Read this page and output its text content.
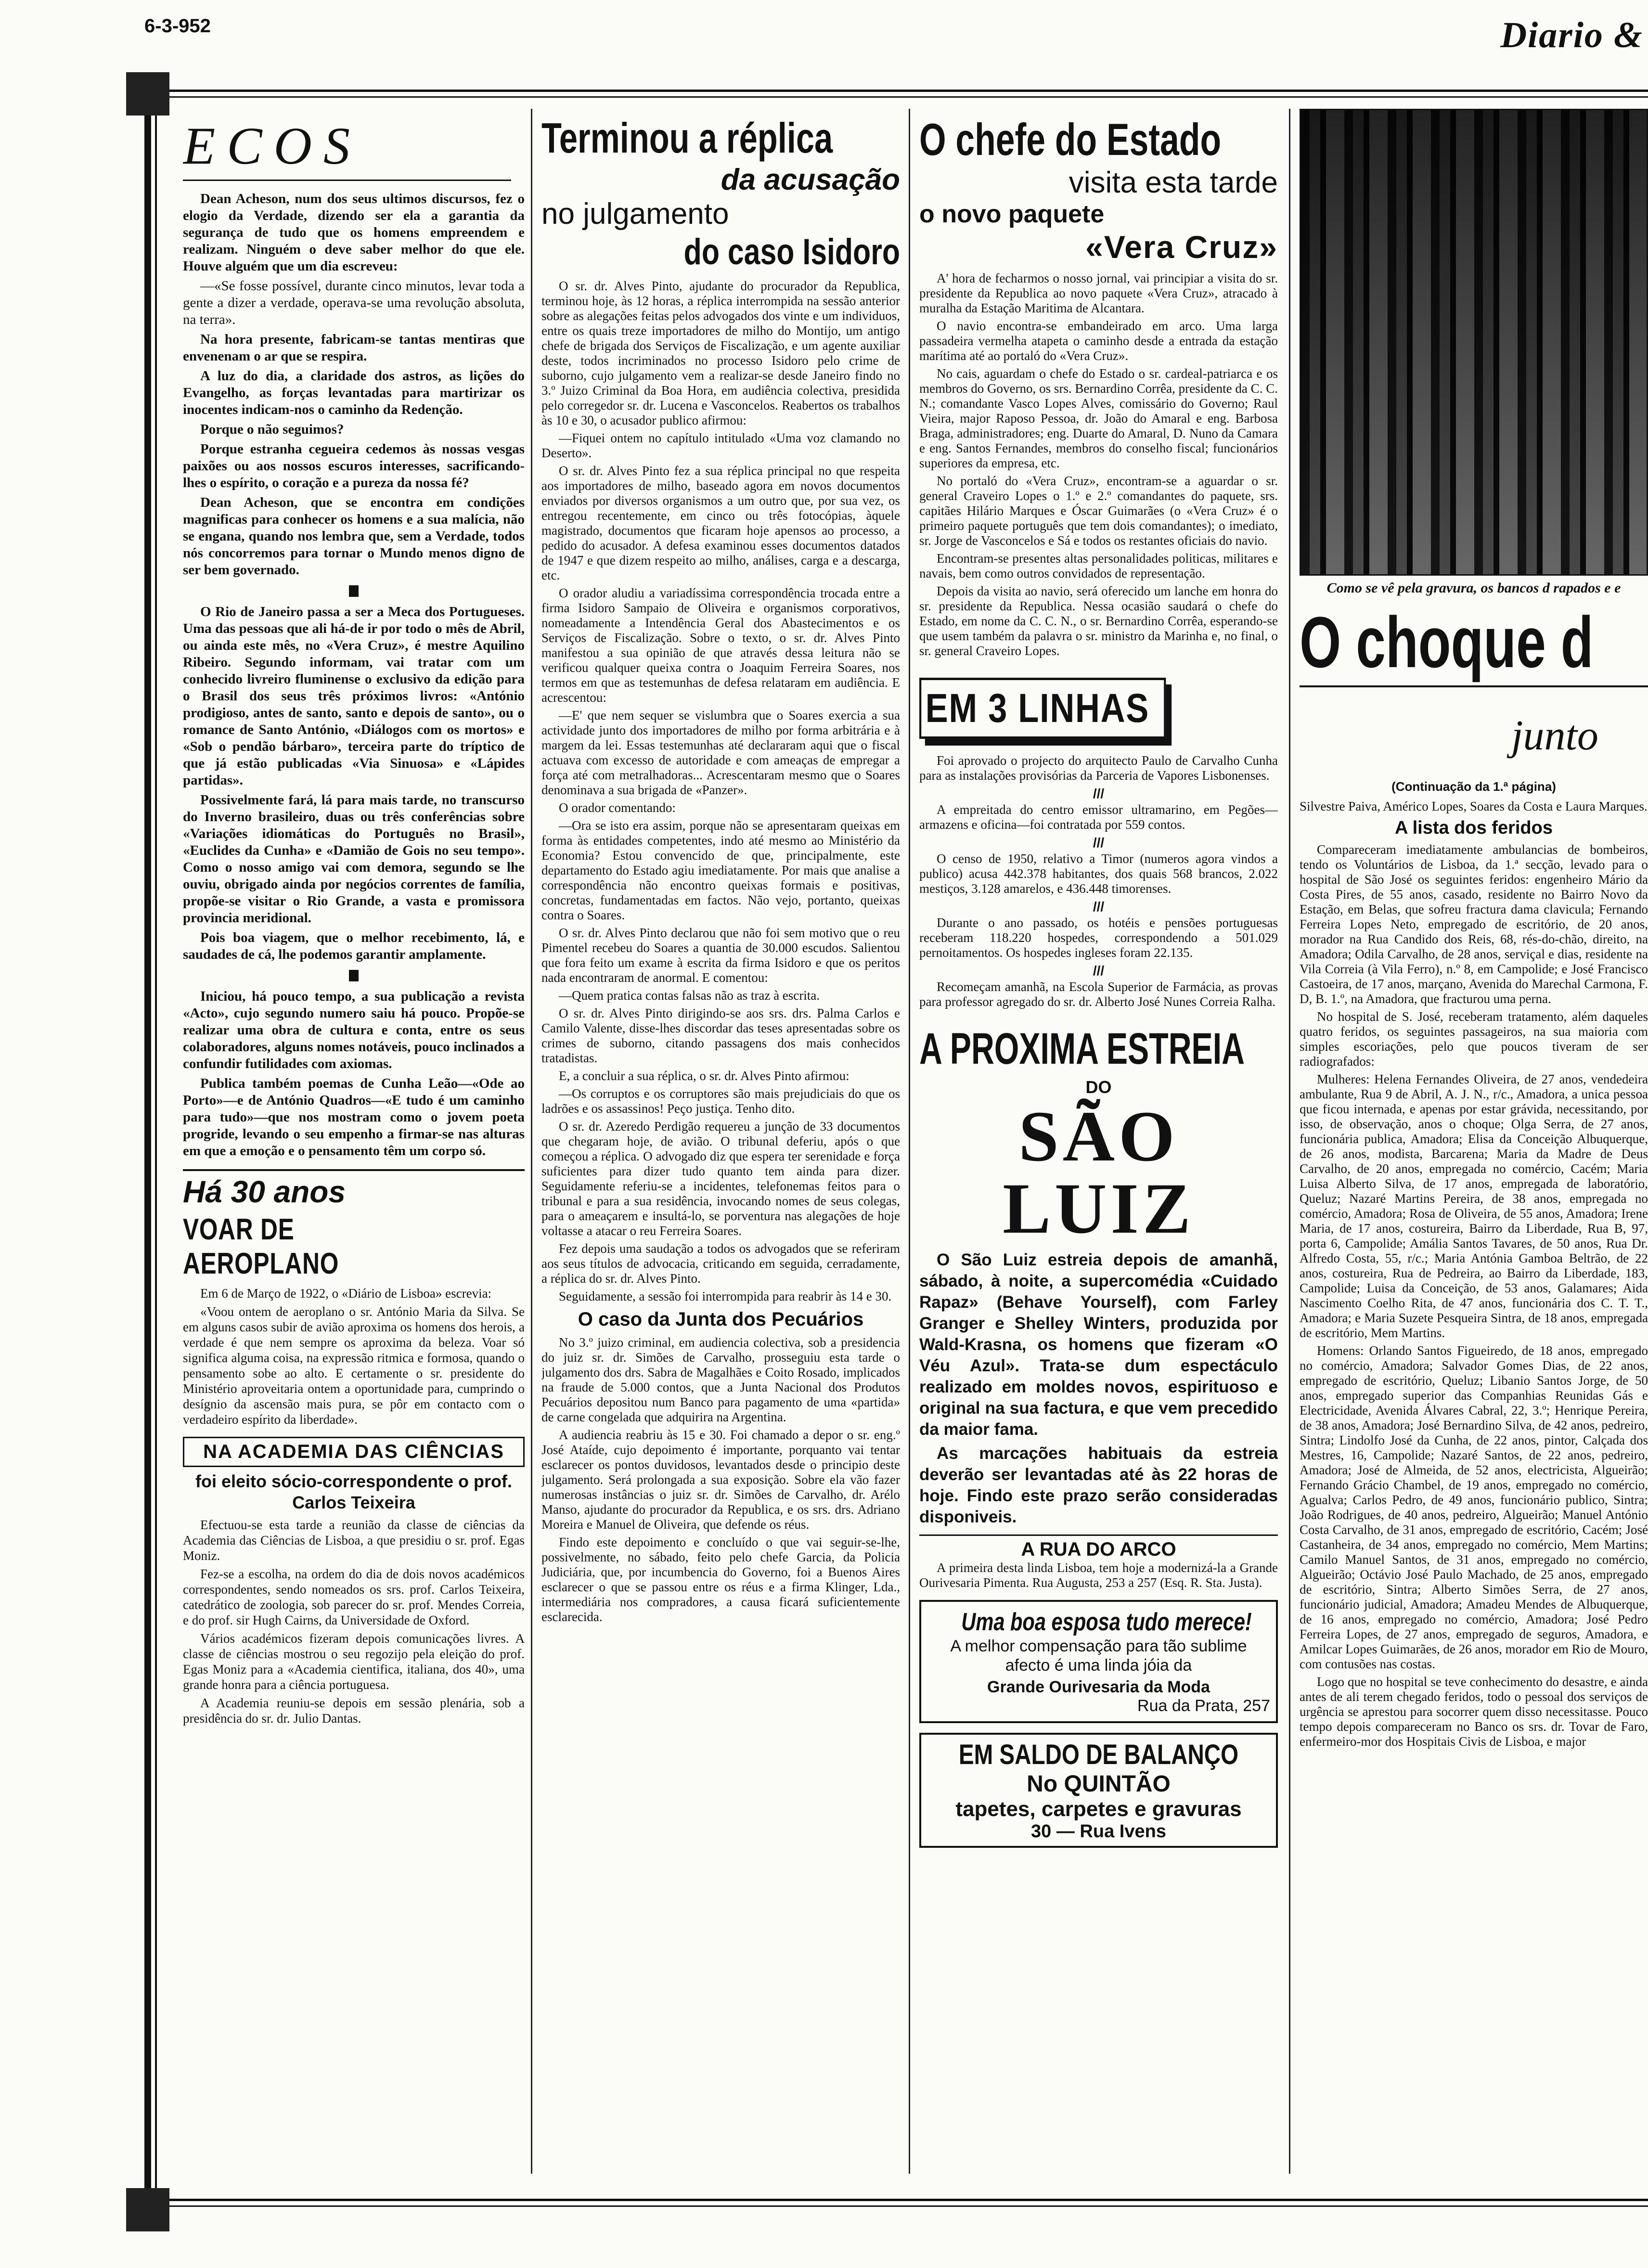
6-3-952	Diario &
ECOS

Dean Acheson, num dos seus ultimos discursos, fez o elogio da Verdade, dizendo ser ela a garantia da segurança de tudo que os homens empreendem e realizam. Ninguém o deve saber melhor do que ele. Houve alguém que um dia escreveu:

—«Se fosse possível, durante cinco minutos, levar toda a gente a dizer a verdade, operava-se uma revolução absoluta, na terra».

Na hora presente, fabricam-se tantas mentiras que envenenam o ar que se respira.

A luz do dia, a claridade dos astros, as lições do Evangelho, as forças levantadas para martirizar os inocentes indicam-nos o caminho da Redenção.

Porque o não seguimos?

Porque estranha cegueira cedemos às nossas vesgas paixões ou aos nossos escuros interesses, sacrificando-lhes o espírito, o coração e a pureza da nossa fé?

Dean Acheson, que se encontra em condições magnificas para conhecer os homens e a sua malícia, não se engana, quando nos lembra que, sem a Verdade, todos nós concorremos para tornar o Mundo menos digno de ser bem governado.

O Rio de Janeiro passa a ser a Meca dos Portugueses. Uma das pessoas que ali há-de ir por todo o mês de Abril, ou ainda este mês, no «Vera Cruz», é mestre Aquilino Ribeiro. Segundo informam, vai tratar com um conhecido livreiro fluminense o exclusivo da edição para o Brasil dos seus três próximos livros: «António prodigioso, antes de santo, santo e depois de santo», ou o romance de Santo António, «Diálogos com os mortos» e «Sob o pendão bárbaro», terceira parte do tríptico de que já estão publicadas «Via Sinuosa» e «Lápides partidas».

Possivelmente fará, lá para mais tarde, no transcurso do Inverno brasileiro, duas ou três conferências sobre «Variações idiomáticas do Português no Brasil», «Euclides da Cunha» e «Damião de Gois no seu tempo». Como o nosso amigo vai com demora, segundo se lhe ouviu, obrigado ainda por negócios correntes de família, propõe-se visitar o Rio Grande, a vasta e promissora provincia meridional.

Pois boa viagem, que o melhor recebimento, lá, e saudades de cá, lhe podemos garantir amplamente.

Iniciou, há pouco tempo, a sua publicação a revista «Acto», cujo segundo numero saiu há pouco. Propõe-se realizar uma obra de cultura e conta, entre os seus colaboradores, alguns nomes notáveis, pouco inclinados a confundir futilidades com axiomas.

Publica também poemas de Cunha Leão—«Ode ao Porto»—e de António Quadros—«E tudo é um caminho para tudo»—que nos mostram como o jovem poeta progride, levando o seu empenho a firmar-se nas alturas em que a emoção e o pensamento têm um corpo só.

Há 30 anos
VOAR DE AEROPLANO

Em 6 de Março de 1922, o «Diário de Lisboa» escrevia:

«Voou ontem de aeroplano o sr. António Maria da Silva. Se em alguns casos subir de avião aproxima os homens dos herois, a verdade é que nem sempre os aproxima da beleza. Voar só significa alguma coisa, na expressão ritmica e formosa, quando o pensamento sobe ao alto. E certamente o sr. presidente do Ministério aproveitaria ontem a oportunidade para, cumprindo o desígnio da ascensão mais pura, se pôr em contacto com o verdadeiro espírito da liberdade».

NA ACADEMIA DAS CIÊNCIAS
foi eleito sócio-correspondente o prof. Carlos Teixeira

Efectuou-se esta tarde a reunião da classe de ciências da Academia das Ciências de Lisboa, a que presidiu o sr. prof. Egas Moniz.

Fez-se a escolha, na ordem do dia de dois novos académicos correspondentes, sendo nomeados os srs. prof. Carlos Teixeira, catedrático de zoologia, sob parecer do sr. prof. Mendes Correia, e do prof. sir Hugh Cairns, da Universidade de Oxford.

Vários académicos fizeram depois comunicações livres. A classe de ciências mostrou o seu regozijo pela eleição do prof. Egas Moniz para a «Academia cientifica, italiana, dos 40», uma grande honra para a ciência portuguesa.

A Academia reuniu-se depois em sessão plenária, sob a presidência do sr. dr. Julio Dantas.

Terminou a réplica
da acusação
no julgamento
do caso Isidoro

O sr. dr. Alves Pinto, ajudante do procurador da Republica, terminou hoje, às 12 horas, a réplica interrompida na sessão anterior sobre as alegações feitas pelos advogados dos vinte e um individuos, entre os quais treze importadores de milho do Montijo, um antigo chefe de brigada dos Serviços de Fiscalização, e um agente auxiliar deste, todos incriminados no processo Isidoro pelo crime de suborno, cujo julgamento vem a realizar-se desde Janeiro findo no 3.º Juizo Criminal da Boa Hora, em audiência colectiva, presidida pelo corregedor sr. dr. Lucena e Vasconcelos. Reabertos os trabalhos às 10 e 30, o acusador publico afirmou:

—Fiquei ontem no capítulo intitulado «Uma voz clamando no Deserto».

O sr. dr. Alves Pinto fez a sua réplica principal no que respeita aos importadores de milho, baseado agora em novos documentos enviados por diversos organismos a um outro que, por sua vez, os entregou recentemente, em cinco ou três fotocópias, àquele magistrado, documentos que ficaram hoje apensos ao processo, a pedido do acusador. A defesa examinou esses documentos datados de 1947 e que dizem respeito ao milho, análises, carga e a descarga, etc.

O orador aludiu a variadíssima correspondência trocada entre a firma Isidoro Sampaio de Oliveira e organismos corporativos, nomeadamente a Intendência Geral dos Abastecimentos e os Serviços de Fiscalização. Sobre o texto, o sr. dr. Alves Pinto manifestou a sua opinião de que através dessa leitura não se verificou qualquer queixa contra o Joaquim Ferreira Soares, nos termos em que as testemunhas de defesa relataram em audiência. E acrescentou:

—E' que nem sequer se vislumbra que o Soares exercia a sua actividade junto dos importadores de milho por forma arbitrária e à margem da lei. Essas testemunhas até declararam aqui que o fiscal actuava com excesso de autoridade e com ameaças de empregar a força até com metralhadoras... Acrescentaram mesmo que o Soares denominava a sua brigada de «Panzer».

O orador comentando:

—Ora se isto era assim, porque não se apresentaram queixas em forma às entidades competentes, indo até mesmo ao Ministério da Economia? Estou convencido de que, principalmente, este departamento do Estado agiu imediatamente. Por mais que analise a correspondência não encontro queixas formais e positivas, concretas, fundamentadas em factos. Não vejo, portanto, queixas contra o Soares.

O sr. dr. Alves Pinto declarou que não foi sem motivo que o reu Pimentel recebeu do Soares a quantia de 30.000 escudos. Salientou que fora feito um exame à escrita da firma Isidoro e que os peritos nada encontraram de anormal. E comentou:

—Quem pratica contas falsas não as traz à escrita.

O sr. dr. Alves Pinto dirigindo-se aos srs. drs. Palma Carlos e Camilo Valente, disse-lhes discordar das teses apresentadas sobre os crimes de suborno, citando passagens dos mais conhecidos tratadistas.

E, a concluir a sua réplica, o sr. dr. Alves Pinto afirmou:

—Os corruptos e os corruptores são mais prejudiciais do que os ladrões e os assassinos! Peço justiça. Tenho dito.

O sr. dr. Azeredo Perdigão requereu a junção de 33 documentos que chegaram hoje, de avião. O tribunal deferiu, após o que começou a réplica. O advogado diz que espera ter serenidade e força suficientes para dizer tudo quanto tem ainda para dizer. Seguidamente referiu-se a incidentes, telefonemas feitos para o tribunal e para a sua residência, invocando nomes de seus colegas, para o ameaçarem e insultá-lo, se porventura nas alegações de hoje voltasse a atacar o reu Ferreira Soares.

Fez depois uma saudação a todos os advogados que se referiram aos seus títulos de advocacia, criticando em seguida, cerradamente, a réplica do sr. dr. Alves Pinto.

Seguidamente, a sessão foi interrompida para reabrir às 14 e 30.

O caso da Junta dos Pecuários

No 3.º juizo criminal, em audiencia colectiva, sob a presidencia do juiz sr. dr. Simões de Carvalho, prosseguiu esta tarde o julgamento dos drs. Sabra de Magalhães e Coito Rosado, implicados na fraude de 5.000 contos, que a Junta Nacional dos Produtos Pecuários depositou num Banco para pagamento de uma «partida» de carne congelada que adquirira na Argentina.

A audiencia reabriu às 15 e 30. Foi chamado a depor o sr. eng.º José Ataíde, cujo depoimento é importante, porquanto vai tentar esclarecer os pontos duvidosos, levantados desde o principio deste julgamento. Será prolongada a sua exposição. Sobre ela vão fazer numerosas instâncias o juiz sr. dr. Simões de Carvalho, dr. Arélo Manso, ajudante do procurador da Republica, e os srs. drs. Adriano Moreira e Manuel de Oliveira, que defende os réus.

Findo este depoimento e concluído o que vai seguir-se-lhe, possivelmente, no sábado, feito pelo chefe Garcia, da Policia Judiciária, que, por incumbencia do Governo, foi a Buenos Aires esclarecer o que se passou entre os réus e a firma Klinger, Lda., intermediária nos compradores, a causa ficará suficientemente esclarecida.

O chefe do Estado
visita esta tarde
o novo paquete
«Vera Cruz»

A' hora de fecharmos o nosso jornal, vai principiar a visita do sr. presidente da Republica ao novo paquete «Vera Cruz», atracado à muralha da Estação Maritima de Alcantara.

O navio encontra-se embandeirado em arco. Uma larga passadeira vermelha atapeta o caminho desde a entrada da estação marítima até ao portaló do «Vera Cruz».

No cais, aguardam o chefe do Estado o sr. cardeal-patriarca e os membros do Governo, os srs. Bernardino Corrêa, presidente da C. C. N.; comandante Vasco Lopes Alves, comissário do Governo; Raul Vieira, major Raposo Pessoa, dr. João do Amaral e eng. Barbosa Braga, administradores; eng. Duarte do Amaral, D. Nuno da Camara e eng. Santos Fernandes, membros do conselho fiscal; funcionários superiores da empresa, etc.

No portaló do «Vera Cruz», encontram-se a aguardar o sr. general Craveiro Lopes o 1.º e 2.º comandantes do paquete, srs. capitães Hilário Marques e Óscar Guimarães (o «Vera Cruz» é o primeiro paquete português que tem dois comandantes); o imediato, sr. Jorge de Vasconcelos e Sá e todos os restantes oficiais do navio.

Encontram-se presentes altas personalidades politicas, militares e navais, bem como outros convidados de representação.

Depois da visita ao navio, será oferecido um lanche em honra do sr. presidente da Republica. Nessa ocasião saudará o chefe do Estado, em nome da C. C. N., o sr. Bernardino Corrêa, esperando-se que usem também da palavra o sr. ministro da Marinha e, no final, o sr. general Craveiro Lopes.

EM 3 LINHAS

Foi aprovado o projecto do arquitecto Paulo de Carvalho Cunha para as instalações provisórias da Parceria de Vapores Lisbonenses.

///

A empreitada do centro emissor ultramarino, em Pegões—armazens e oficina—foi contratada por 559 contos.

///

O censo de 1950, relativo a Timor (numeros agora vindos a publico) acusa 442.378 habitantes, dos quais 568 brancos, 2.022 mestiços, 3.128 amarelos, e 436.448 timorenses.

///

Durante o ano passado, os hotéis e pensões portuguesas receberam 118.220 hospedes, correspondendo a 501.029 pernoitamentos. Os hospedes ingleses foram 22.135.

///

Recomeçam amanhã, na Escola Superior de Farmácia, as provas para professor agregado do sr. dr. Alberto José Nunes Correia Ralha.

A PROXIMA ESTREIA
DO
SÃO LUIZ

O São Luiz estreia depois de amanhã, sábado, à noite, a supercomédia «Cuidado Rapaz» (Behave Yourself), com Farley Granger e Shelley Winters, produzida por Wald-Krasna, os homens que fizeram «O Véu Azul». Trata-se dum espectáculo realizado em moldes novos, espirituoso e original na sua factura, e que vem precedido da maior fama.

As marcações habituais da estreia deverão ser levantadas até às 22 horas de hoje. Findo este prazo serão consideradas disponiveis.

A RUA DO ARCO

A primeira desta linda Lisboa, tem hoje a modernizá-la a Grande Ourivesaria Pimenta. Rua Augusta, 253 a 257 (Esq. R. Sta. Justa).

Uma boa esposa tudo merece!
A melhor compensação para tão sublime afecto é uma linda jóia da
Grande Ourivesaria da Moda
Rua da Prata, 257
EM SALDO DE BALANÇO
No QUINTÃO
tapetes, carpetes e gravuras
30 — Rua Ivens
Como se vê pela gravura, os bancos d rapados e e
O choque d
junto
(Continuação da 1.ª página)

Silvestre Paiva, Américo Lopes, Soares da Costa e Laura Marques.

A lista dos feridos

Compareceram imediatamente ambulancias de bombeiros, tendo os Voluntários de Lisboa, da 1.ª secção, levado para o hospital de São José os seguintes feridos: engenheiro Mário da Costa Pires, de 55 anos, casado, residente no Bairro Novo da Estação, em Belas, que sofreu fractura dama clavicula; Fernando Ferreira Lopes Neto, empregado de escritório, de 20 anos, morador na Rua Candido dos Reis, 68, rés-do-chão, direito, na Amadora; Odila Carvalho, de 28 anos, serviçal e dias, residente na Vila Correia (à Vila Ferro), n.º 8, em Campolide; e José Francisco Castoeira, de 17 anos, marçano, Avenida do Marechal Carmona, F. D, B. 1.º, na Amadora, que fracturou uma perna.

No hospital de S. José, receberam tratamento, além daqueles quatro feridos, os seguintes passageiros, na sua maioria com simples escoriações, pelo que poucos tiveram de ser radiografados:

Mulheres: Helena Fernandes Oliveira, de 27 anos, vendedeira ambulante, Rua 9 de Abril, A. J. N., r/c., Amadora, a unica pessoa que ficou internada, e apenas por estar grávida, necessitando, por isso, de observação, anos o choque; Olga Serra, de 27 anos, funcionária publica, Amadora; Elisa da Conceição Albuquerque, de 26 anos, modista, Barcarena; Maria da Madre de Deus Carvalho, de 20 anos, empregada no comércio, Cacém; Maria Luisa Alberto Silva, de 17 anos, empregada de laboratório, Queluz; Nazaré Martins Pereira, de 38 anos, empregada no comércio, Amadora; Rosa de Oliveira, de 55 anos, Amadora; Irene Maria, de 17 anos, costureira, Bairro da Liberdade, Rua B, 97, porta 6, Campolide; Amália Santos Tavares, de 50 anos, Rua Dr. Alfredo Costa, 55, r/c.; Maria Antónia Gamboa Beltrão, de 22 anos, costureira, Rua de Pedreira, ao Bairro da Liberdade, 183, Campolide; Luisa da Conceição, de 53 anos, Galamares; Aida Nascimento Coelho Rita, de 47 anos, funcionária dos C. T. T., Amadora; e Maria Suzete Pesqueira Sintra, de 18 anos, empregada de escritório, Mem Martins.

Homens: Orlando Santos Figueiredo, de 18 anos, empregado no comércio, Amadora; Salvador Gomes Dias, de 22 anos, empregado de escritório, Queluz; Libanio Santos Jorge, de 50 anos, empregado superior das Companhias Reunidas Gás e Electricidade, Avenida Álvares Cabral, 22, 3.º; Henrique Pereira, de 38 anos, Amadora; José Bernardino Silva, de 42 anos, pedreiro, Sintra; Lindolfo José da Cunha, de 22 anos, pintor, Calçada dos Mestres, 16, Campolide; Nazaré Santos, de 22 anos, pedreiro, Amadora; José de Almeida, de 52 anos, electricista, Algueirão; Fernando Grácio Chambel, de 19 anos, empregado no comércio, Agualva; Carlos Pedro, de 49 anos, funcionário publico, Sintra; João Rodrigues, de 40 anos, pedreiro, Algueirão; Manuel António Costa Carvalho, de 31 anos, empregado de escritório, Cacém; José Castanheira, de 34 anos, empregado no comércio, Mem Martins; Camilo Manuel Santos, de 31 anos, empregado no comércio, Algueirão; Octávio José Paulo Machado, de 25 anos, empregado de escritório, Sintra; Alberto Simões Serra, de 27 anos, funcionário judicial, Amadora; Amadeu Mendes de Albuquerque, de 16 anos, empregado no comércio, Amadora; José Pedro Ferreira Lopes, de 27 anos, empregado de seguros, Amadora, e Amilcar Lopes Guimarães, de 26 anos, morador em Rio de Mouro, com contusões nas costas.

Logo que no hospital se teve conhecimento do desastre, e ainda antes de ali terem chegado feridos, todo o pessoal dos serviços de urgência se aprestou para socorrer quem disso necessitasse. Pouco tempo depois compareceram no Banco os srs. dr. Tovar de Faro, enfermeiro-mor dos Hospitais Civis de Lisboa, e major
